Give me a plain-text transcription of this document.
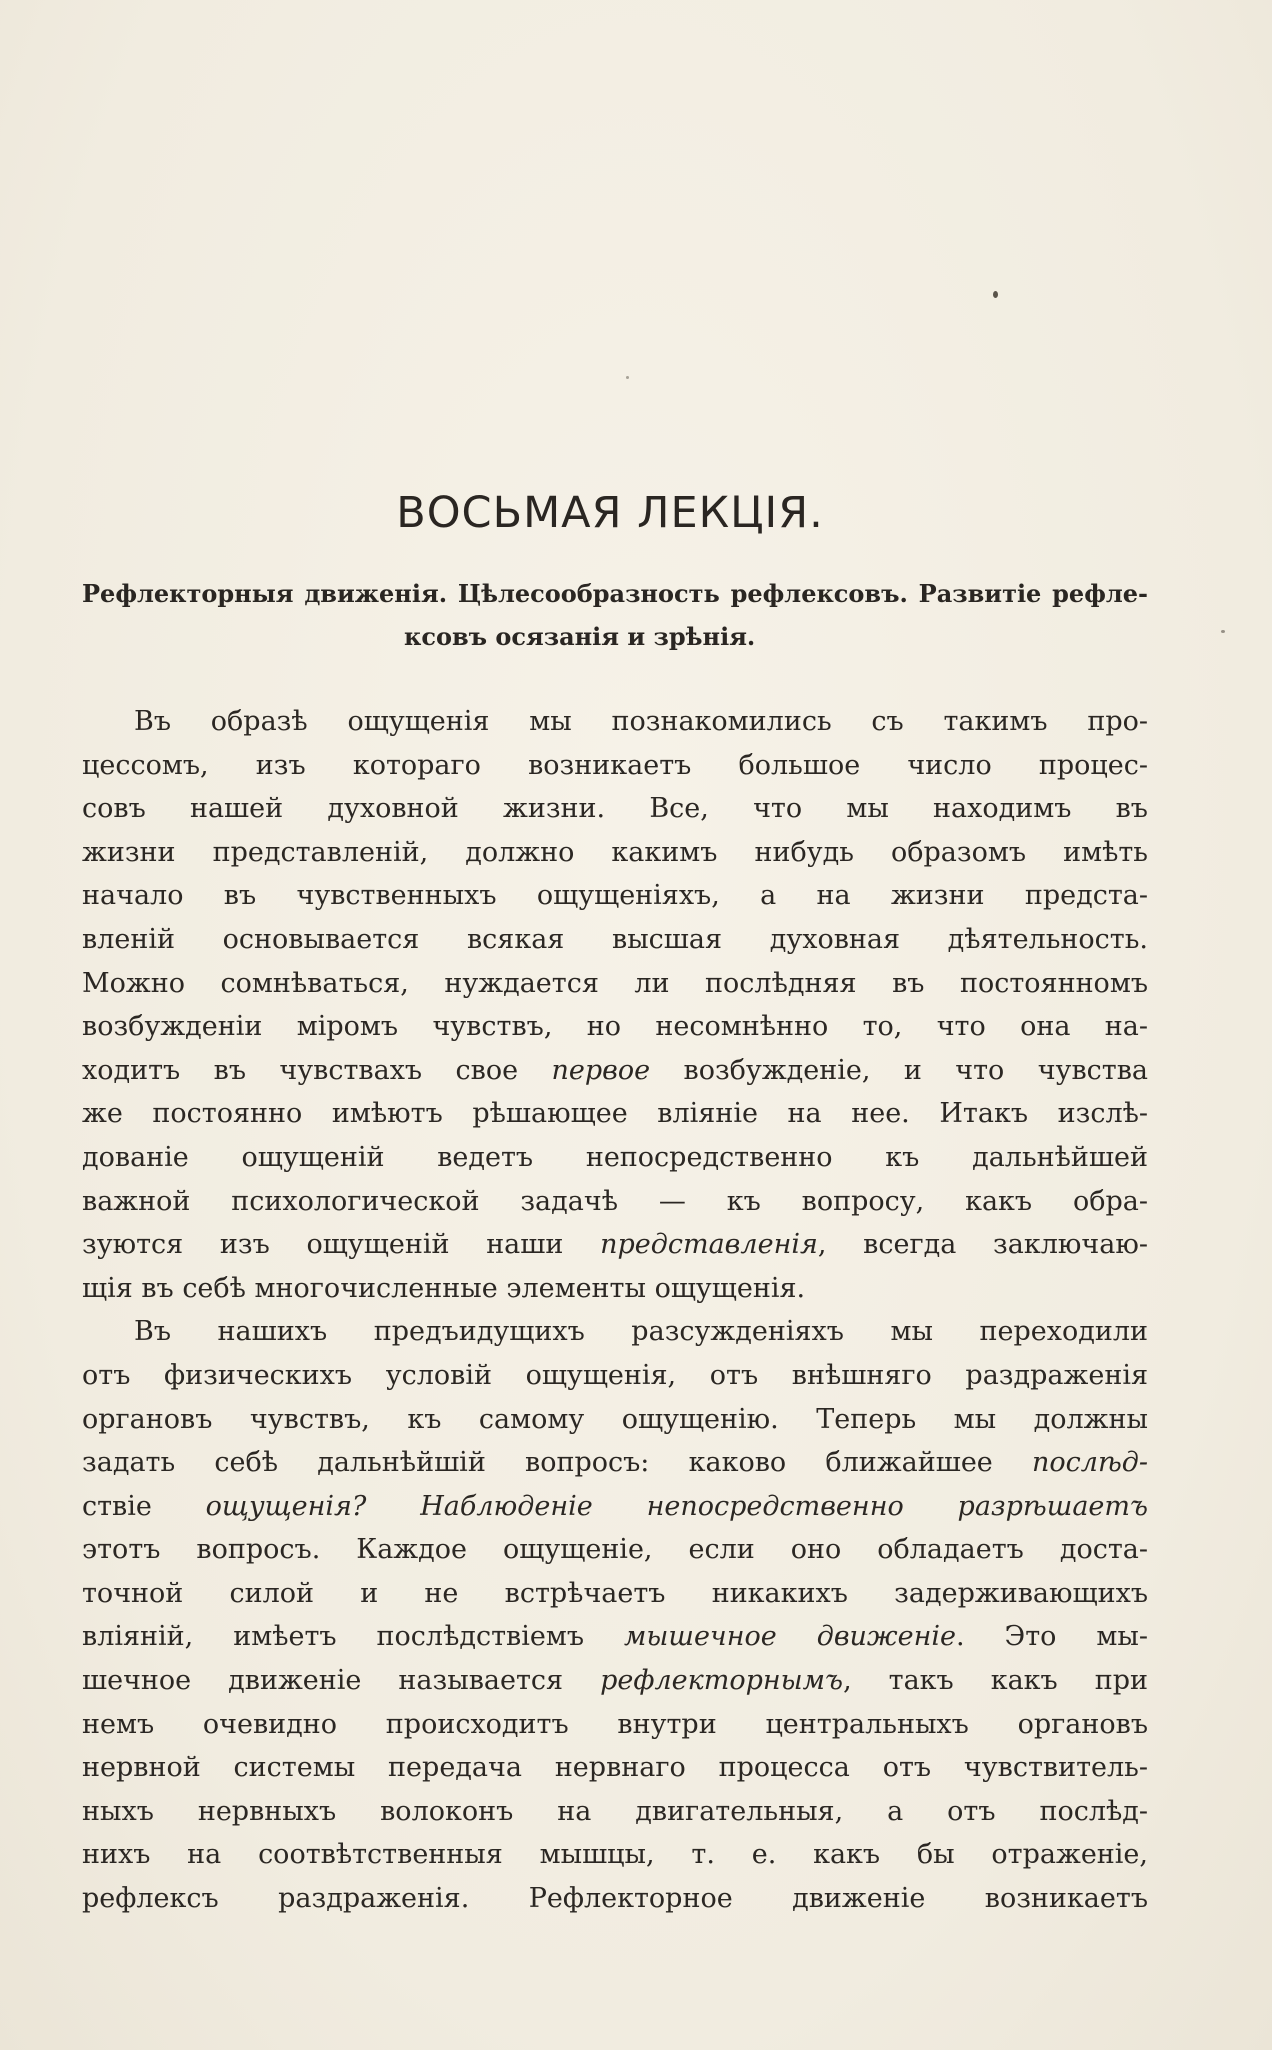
ВОСЬМАЯ ЛЕКЦІЯ.
Рефлекторныя движенія. Цѣлесообразность рефлексовъ. Развитіе рефле-
ксовъ осязанія и зрѣнія.
Въ образѣ ощущенія мы познакомились съ такимъ про-
цессомъ, изъ котораго возникаетъ большое число процес-
совъ нашей духовной жизни. Все, что мы находимъ въ
жизни представленій, должно какимъ нибудь образомъ имѣть
начало въ чувственныхъ ощущеніяхъ, а на жизни предста-
вленій основывается всякая высшая духовная дѣятельность.
Можно сомнѣваться, нуждается ли послѣдняя въ постоянномъ
возбужденіи міромъ чувствъ, но несомнѣнно то, что она на-
ходитъ въ чувствахъ свое первое возбужденіе, и что чувства
же постоянно имѣютъ рѣшающее вліяніе на нее. Итакъ изслѣ-
дованіе ощущеній ведетъ непосредственно къ дальнѣйшей
важной психологической задачѣ — къ вопросу, какъ обра-
зуются изъ ощущеній наши представленія, всегда заключаю-
щія въ себѣ многочисленные элементы ощущенія.
Въ нашихъ предъидущихъ разсужденіяхъ мы переходили
отъ физическихъ условій ощущенія, отъ внѣшняго раздраженія
органовъ чувствъ, къ самому ощущенію. Теперь мы должны
задать себѣ дальнѣйшій вопросъ: каково ближайшее послѣд-
ствіе ощущенія? Наблюденіе непосредственно разрѣшаетъ
этотъ вопросъ. Каждое ощущеніе, если оно обладаетъ доста-
точной силой и не встрѣчаетъ никакихъ задерживающихъ
вліяній, имѣетъ послѣдствіемъ мышечное движеніе. Это мы-
шечное движеніе называется рефлекторнымъ, такъ какъ при
немъ очевидно происходитъ внутри центральныхъ органовъ
нервной системы передача нервнаго процесса отъ чувствитель-
ныхъ нервныхъ волоконъ на двигательныя, а отъ послѣд-
нихъ на соотвѣтственныя мышцы, т. е. какъ бы отраженіе,
рефлексъ раздраженія. Рефлекторное движеніе возникаетъ
